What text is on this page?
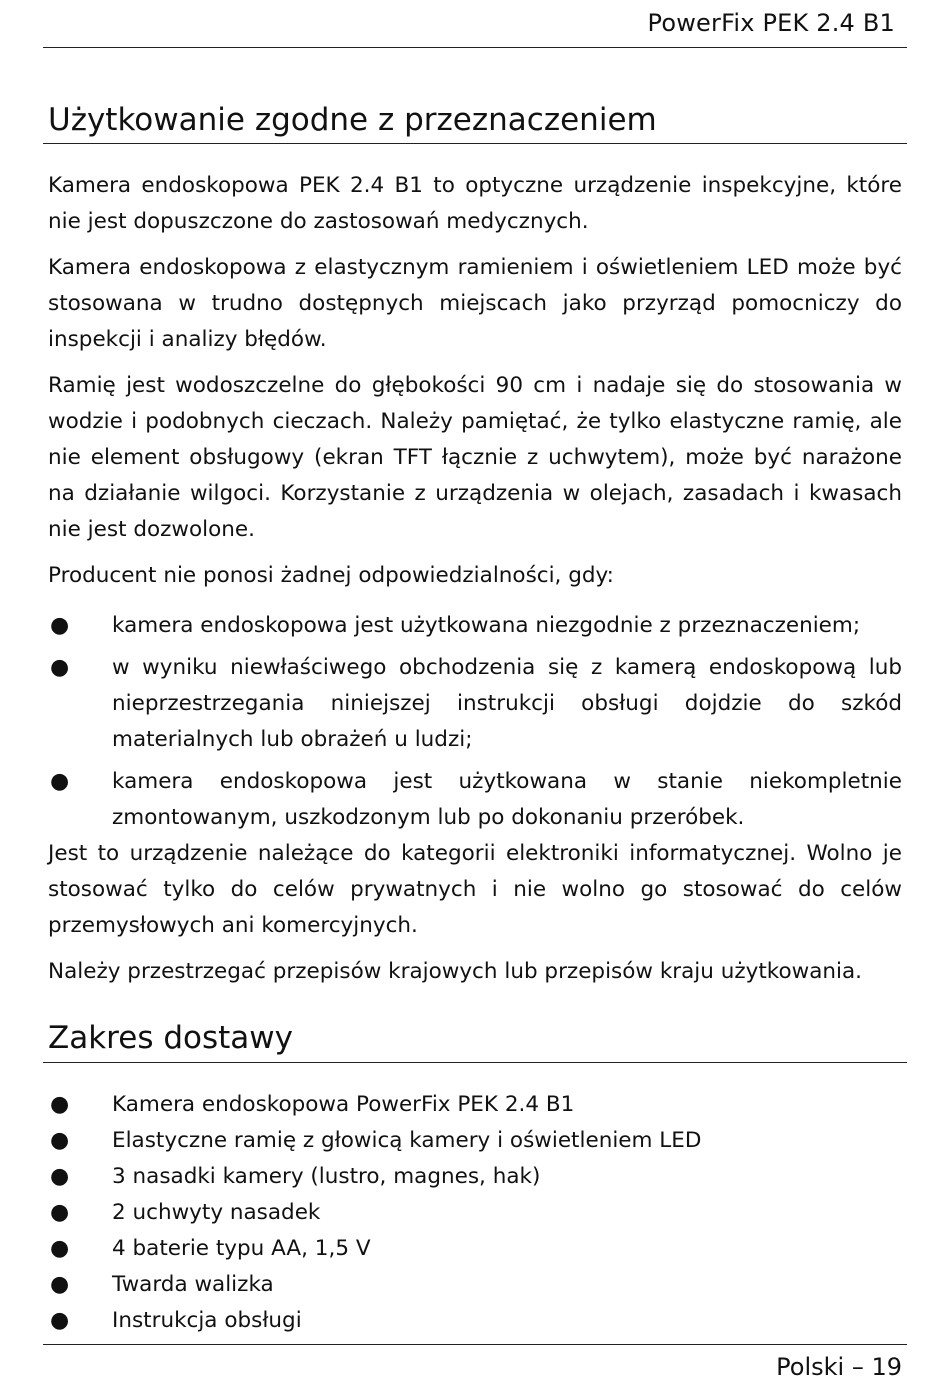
PowerFix PEK 2.4 B1
Użytkowanie zgodne z przeznaczeniem

Kamera endoskopowa PEK 2.4 B1 to optyczne urządzenie inspekcyjne, które nie jest dopuszczone do zastosowań medycznych.

Kamera endoskopowa z elastycznym ramieniem i oświetleniem LED może być stosowana w trudno dostępnych miejscach jako przyrząd pomocniczy do inspekcji i analizy błędów.

Ramię jest wodoszczelne do głębokości 90 cm i nadaje się do stosowania w wodzie i podobnych cieczach. Należy pamiętać, że tylko elastyczne ramię, ale nie element obsługowy (ekran TFT łącznie z uchwytem), może być narażone na działanie wilgoci. Korzystanie z urządzenia w olejach, zasadach i kwasach nie jest dozwolone.

Producent nie ponosi żadnej odpowiedzialności, gdy:

● kamera endoskopowa jest użytkowana niezgodnie z przeznaczeniem;
● w wyniku niewłaściwego obchodzenia się z kamerą endoskopową lub nieprzestrzegania niniejszej instrukcji obsługi dojdzie do szkód materialnych lub obrażeń u ludzi;
● kamera endoskopowa jest użytkowana w stanie niekompletnie zmontowanym, uszkodzonym lub po dokonaniu przeróbek.

Jest to urządzenie należące do kategorii elektroniki informatycznej. Wolno je stosować tylko do celów prywatnych i nie wolno go stosować do celów przemysłowych ani komercyjnych.

Należy przestrzegać przepisów krajowych lub przepisów kraju użytkowania.

Zakres dostawy
● Kamera endoskopowa PowerFix PEK 2.4 B1
● Elastyczne ramię z głowicą kamery i oświetleniem LED
● 3 nasadki kamery (lustro, magnes, hak)
● 2 uchwyty nasadek
● 4 baterie typu AA, 1,5 V
● Twarda walizka
● Instrukcja obsługi
Polski – 19
